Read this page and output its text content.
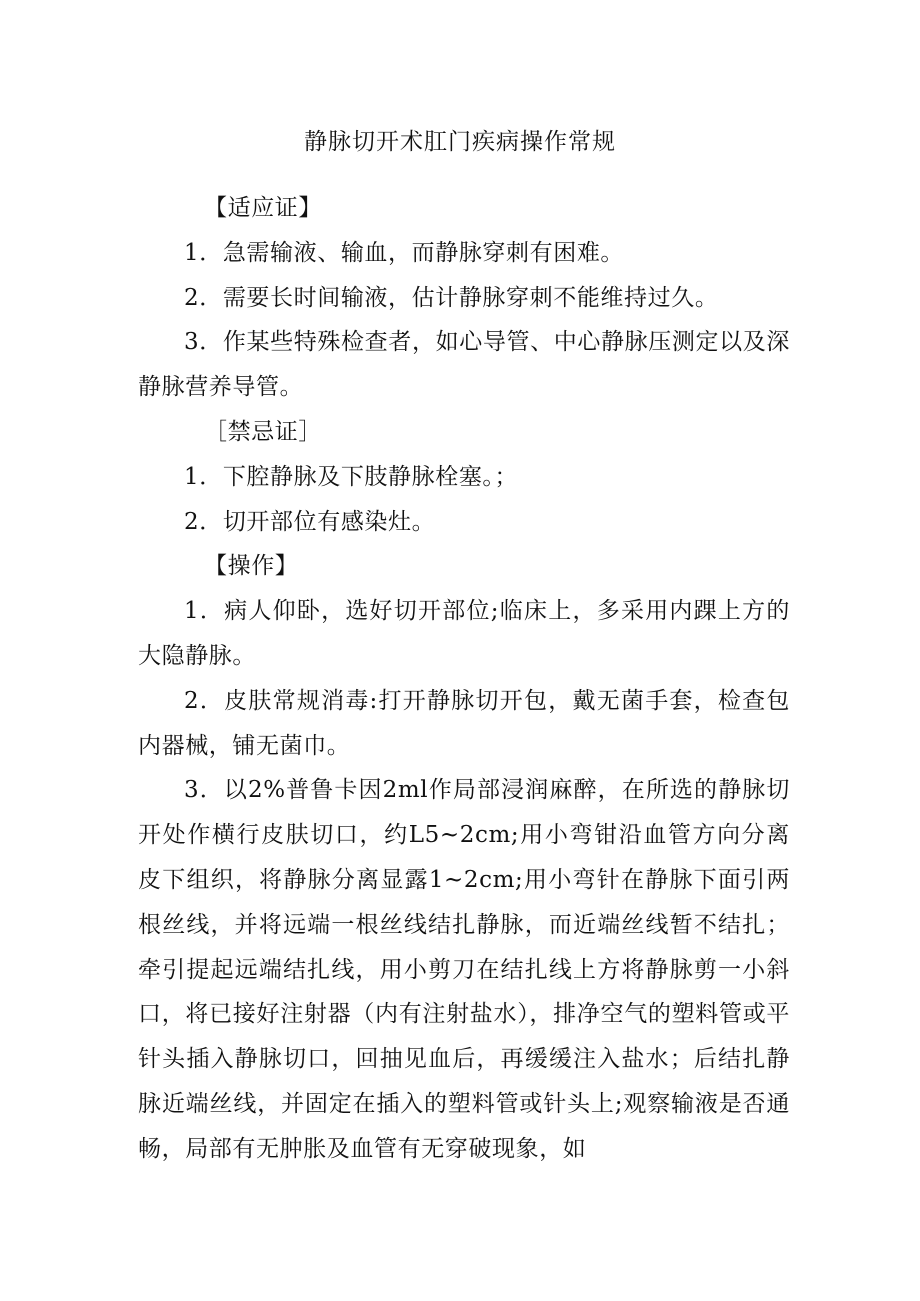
静脉切开术肛门疾病操作常规

【适应证】

1．急需输液、输血，而静脉穿刺有困难。

2．需要长时间输液，估计静脉穿刺不能维持过久。

3．作某些特殊检查者，如心导管、中心静脉压测定以及深静脉营养导管。

［禁忌证］

1．下腔静脉及下肢静脉栓塞。；

2．切开部位有感染灶。

【操作】

1．病人仰卧，选好切开部位;临床上，多采用内踝上方的大隐静脉。

2．皮肤常规消毒:打开静脉切开包，戴无菌手套，检查包内器械，铺无菌巾。

3．以2%普鲁卡因2ml作局部浸润麻醉，在所选的静脉切开处作横行皮肤切口，约L5~2cm;用小弯钳沿血管方向分离皮下组织，将静脉分离显露1~2cm;用小弯针在静脉下面引两根丝线，并将远端一根丝线结扎静脉，而近端丝线暂不结扎；牵引提起远端结扎线，用小剪刀在结扎线上方将静脉剪一小斜口，将已接好注射器（内有注射盐水），排净空气的塑料管或平针头插入静脉切口，回抽见血后，再缓缓注入盐水；后结扎静脉近端丝线，并固定在插入的塑料管或针头上;观察输液是否通畅，局部有无肿胀及血管有无穿破现象，如
